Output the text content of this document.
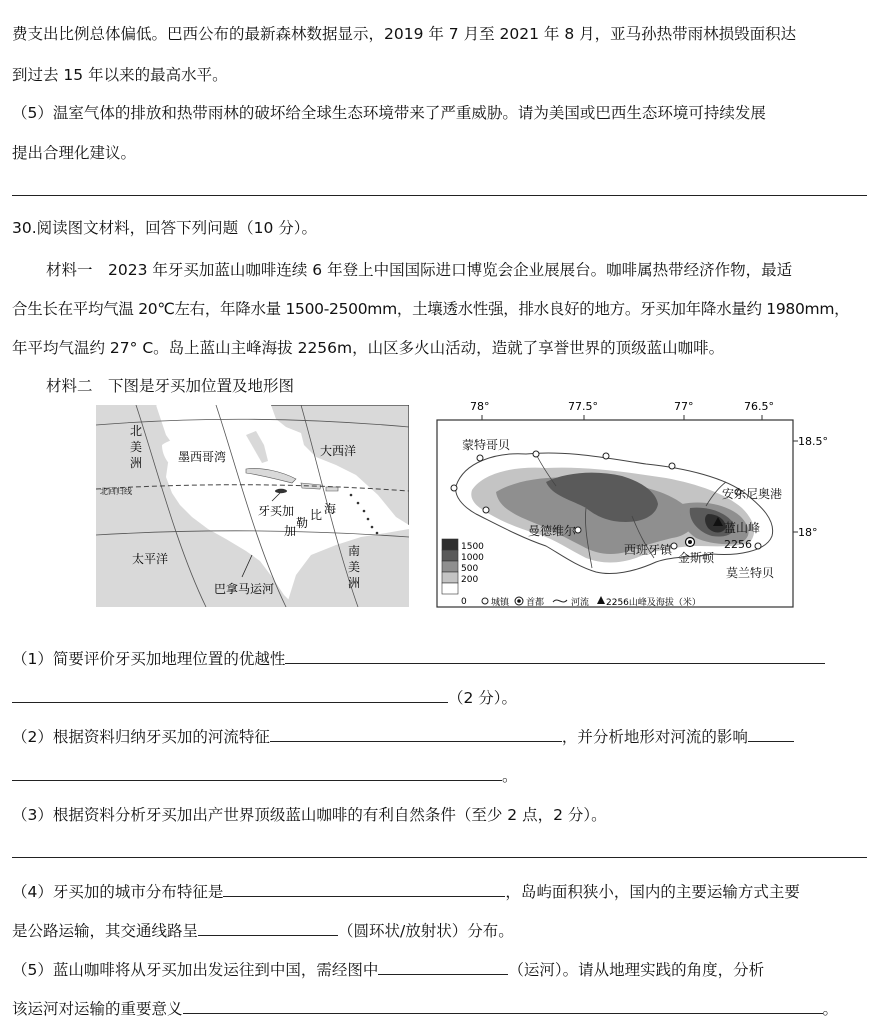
费支出比例总体偏低。巴西公布的最新森林数据显示，2019 年 7 月至 2021 年 8 月，亚马孙热带雨林损毁面积达
到过去 15 年以来的最高水平。
（5）温室气体的排放和热带雨林的破坏给全球生态环境带来了严重威胁。请为美国或巴西生态环境可持续发展
提出合理化建议。
30.阅读图文材料，回答下列问题（10 分）。
材料一　2023 年牙买加蓝山咖啡连续 6 年登上中国国际进口博览会企业展展台。咖啡属热带经济作物，最适
合生长在平均气温 20℃左右，年降水量 1500-2500mm，土壤透水性强，排水良好的地方。牙买加年降水量约 1980mm，
年平均气温约 27° C。岛上蓝山主峰海拔 2256m，山区多火山活动，造就了享誉世界的顶级蓝山咖啡。
材料二　下图是牙买加位置及地形图
北
美
洲	墨西哥湾	大西洋
北回归线
牙买加
加
勒
比 海
太平洋
南
美
洲
巴拿马运河
78°	77.5°	77°	76.5°
18.5°
18°
蒙特哥贝
安东尼奥港
曼德维尔
西班牙镇
金斯顿
莫兰特贝
蓝山峰
2256
1500
1000
500
200
0	城镇 首都	河流 2256山峰及海拔（米）
（1）简要评价牙买加地理位置的优越性
（2 分）。
（2）根据资料归纳牙买加的河流特征	，并分析地形对河流的影响
。
（3）根据资料分析牙买加出产世界顶级蓝山咖啡的有利自然条件（至少 2 点，2 分）。
（4）牙买加的城市分布特征是	，岛屿面积狭小，国内的主要运输方式主要
是公路运输，其交通线路呈	（圆环状/放射状）分布。
（5）蓝山咖啡将从牙买加出发运往到中国，需经图中	（运河）。请从地理实践的角度，分析
该运河对运输的重要意义	。
